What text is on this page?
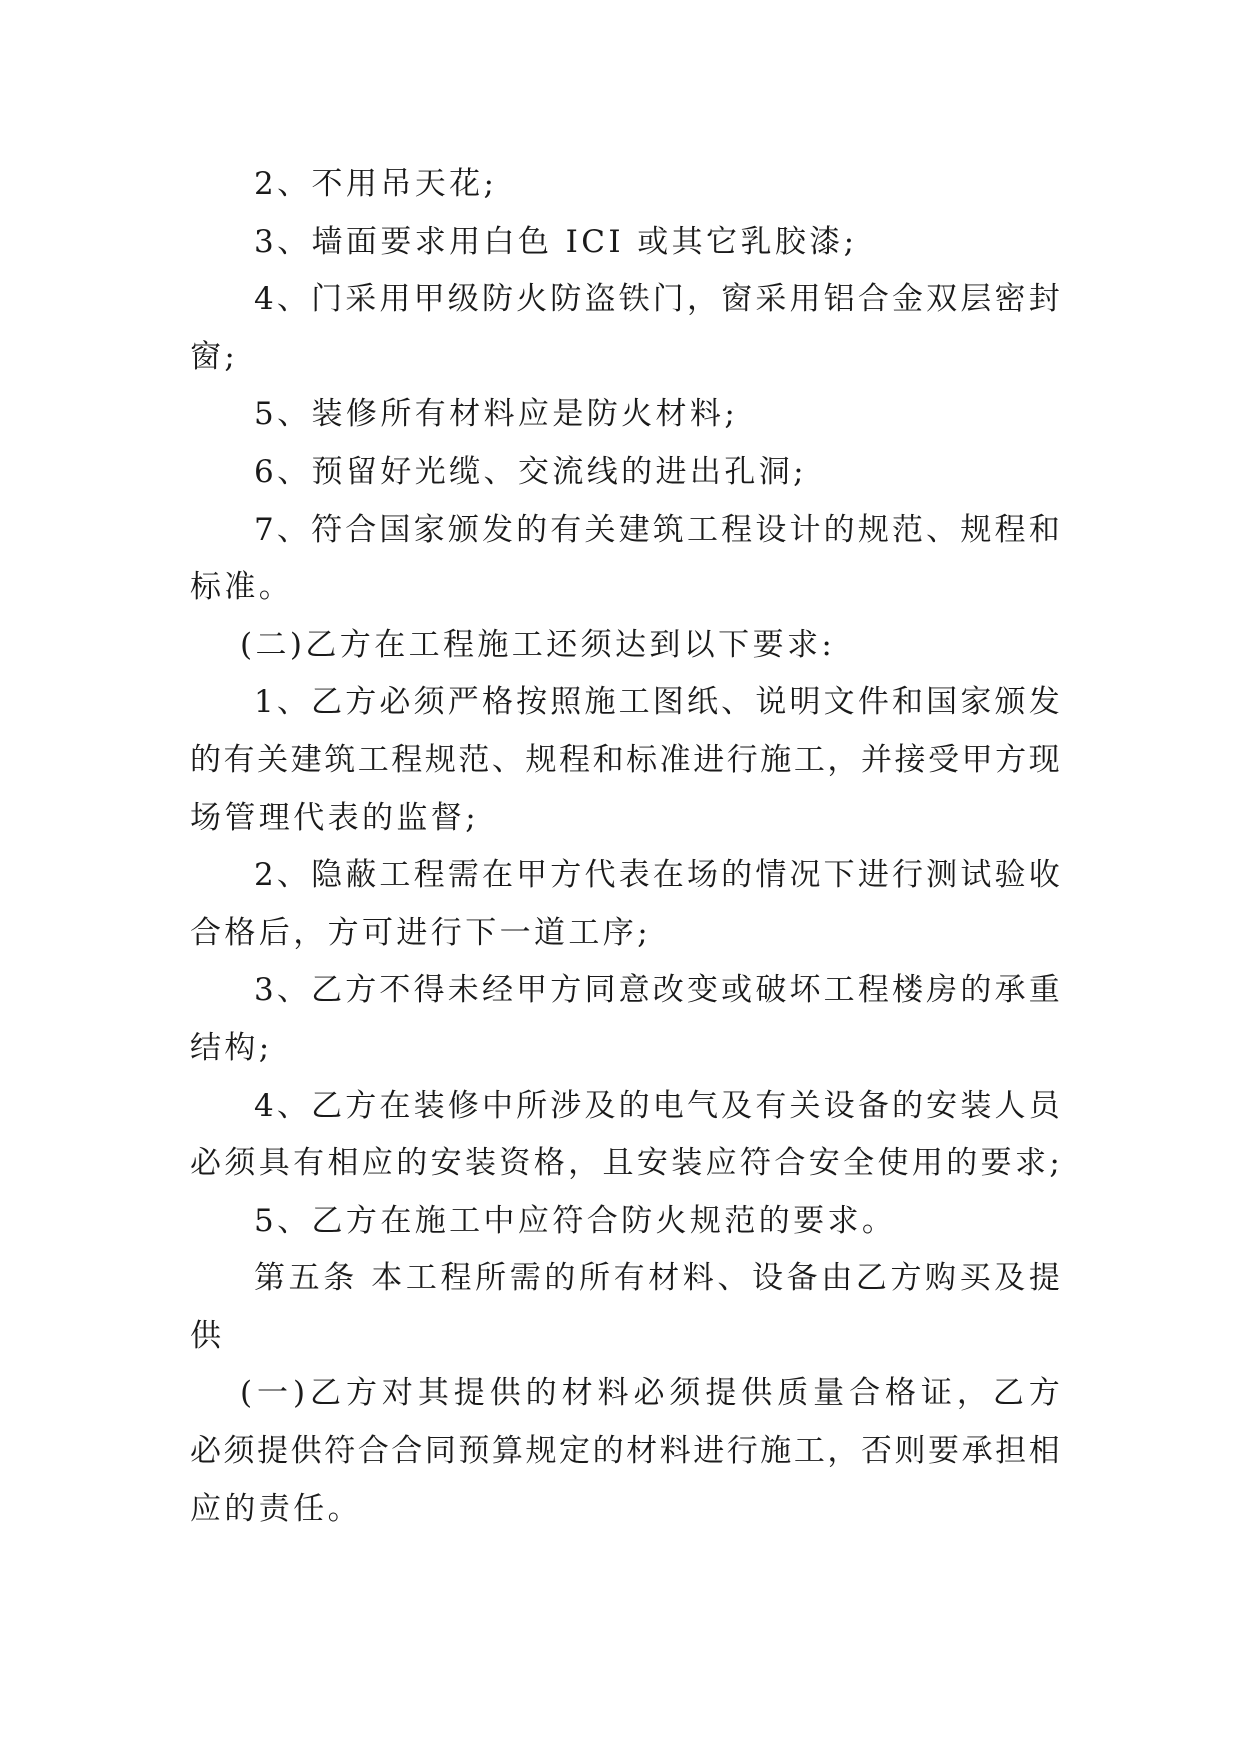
2、不用吊天花;
3、墙面要求用白色 ICI 或其它乳胶漆;
4 、 门 采 用 甲 级 防 火 防 盗 铁 门 ， 窗 采 用 铝 合 金 双 层 密 封
窗;
5、装修所有材料应是防火材料;
6、预留好光缆、交流线的进出孔洞;
7 、 符 合 国 家 颁 发 的 有 关 建 筑 工 程 设 计 的 规 范 、 规 程 和
标准。
(二)乙方在工程施工还须达到以下要求:
1 、 乙 方 必 须 严 格 按 照 施 工 图 纸 、 说 明 文 件 和 国 家 颁 发
的 有 关 建 筑 工 程 规 范 、 规 程 和 标 准 进 行 施 工 ， 并 接 受 甲 方 现
场管理代表的监督;
2 、 隐 蔽 工 程 需 在 甲 方 代 表 在 场 的 情 况 下 进 行 测 试 验 收
合格后，方可进行下一道工序;
3 、 乙 方 不 得 未 经 甲 方 同 意 改 变 或 破 坏 工 程 楼 房 的 承 重
结构;
4 、 乙 方 在 装 修 中 所 涉 及 的 电 气 及 有 关 设 备 的 安 装 人 员
必 须 具 有 相 应 的 安 装 资 格 ， 且 安 装 应 符 合 安 全 使 用 的 要 求 ;
5、乙方在施工中应符合防火规范的要求。
第 五 条
本 工 程 所 需 的 所 有 材 料 、 设 备 由 乙 方 购 买 及 提
供
( 一 ) 乙 方 对 其 提 供 的 材 料 必 须 提 供 质 量 合 格 证 ， 乙 方
必 须 提 供 符 合 合 同 预 算 规 定 的 材 料 进 行 施 工 ， 否 则 要 承 担 相
应的责任。
